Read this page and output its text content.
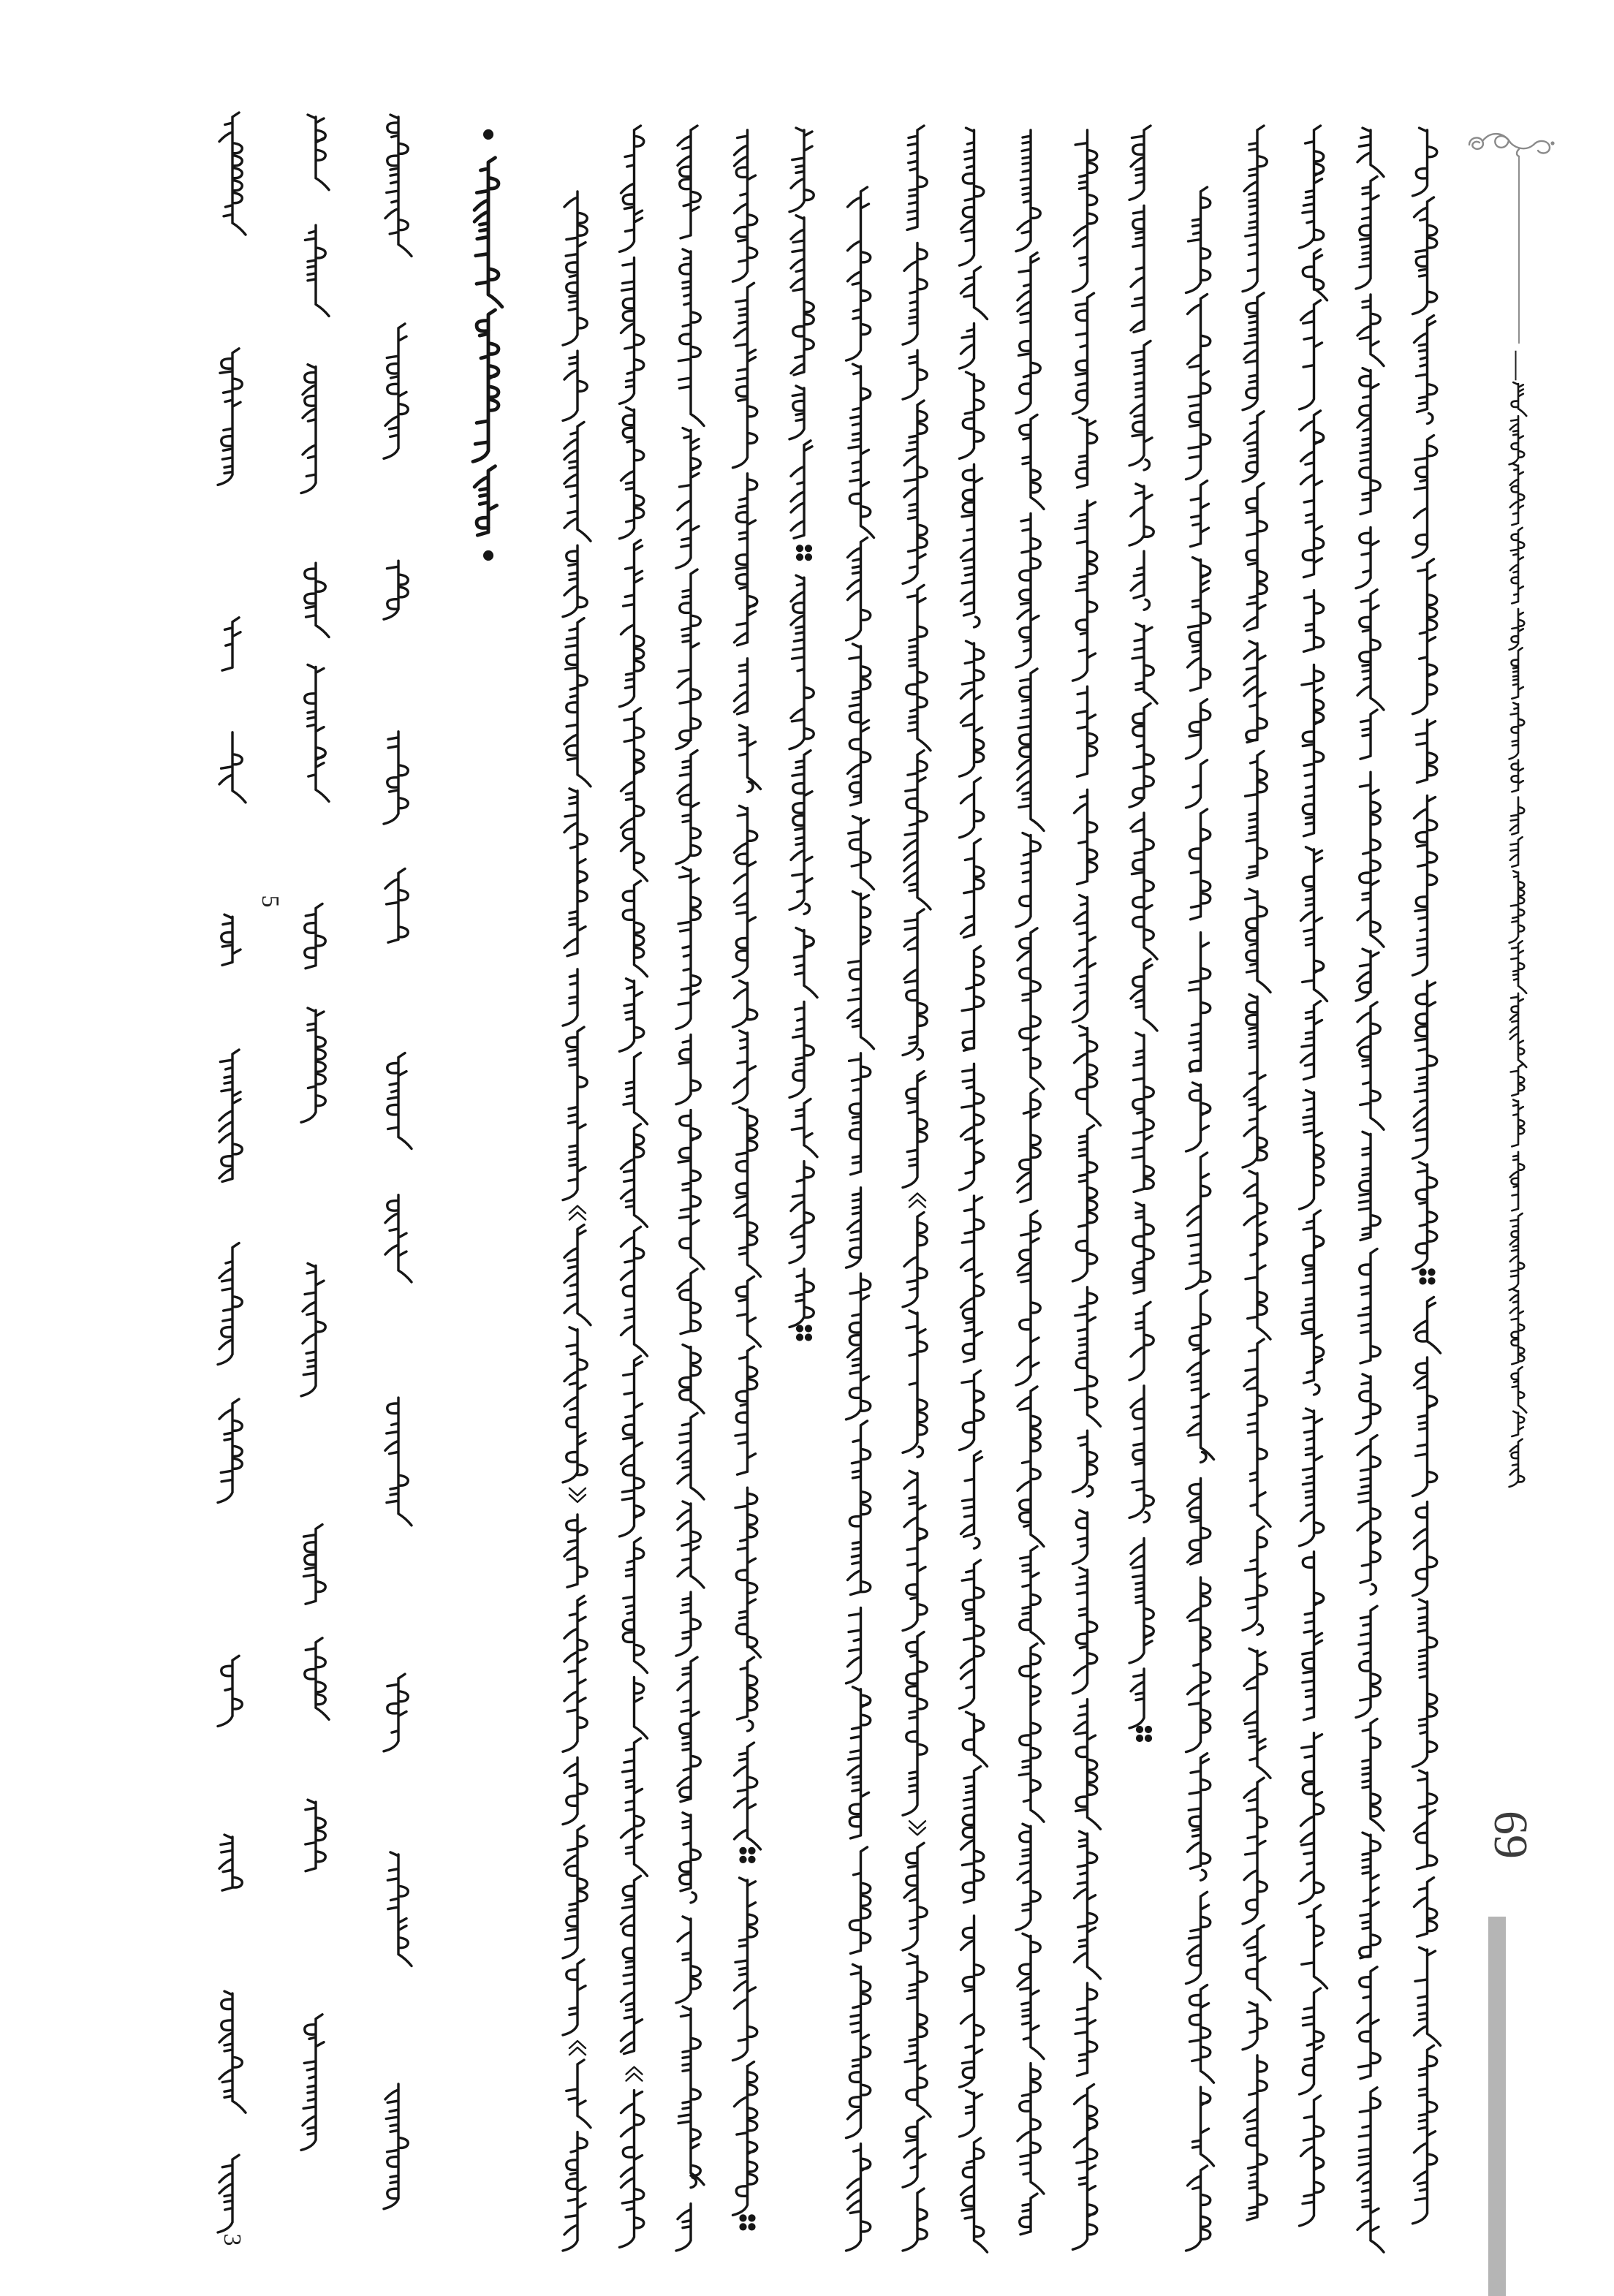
—
•
•
5
3
69
